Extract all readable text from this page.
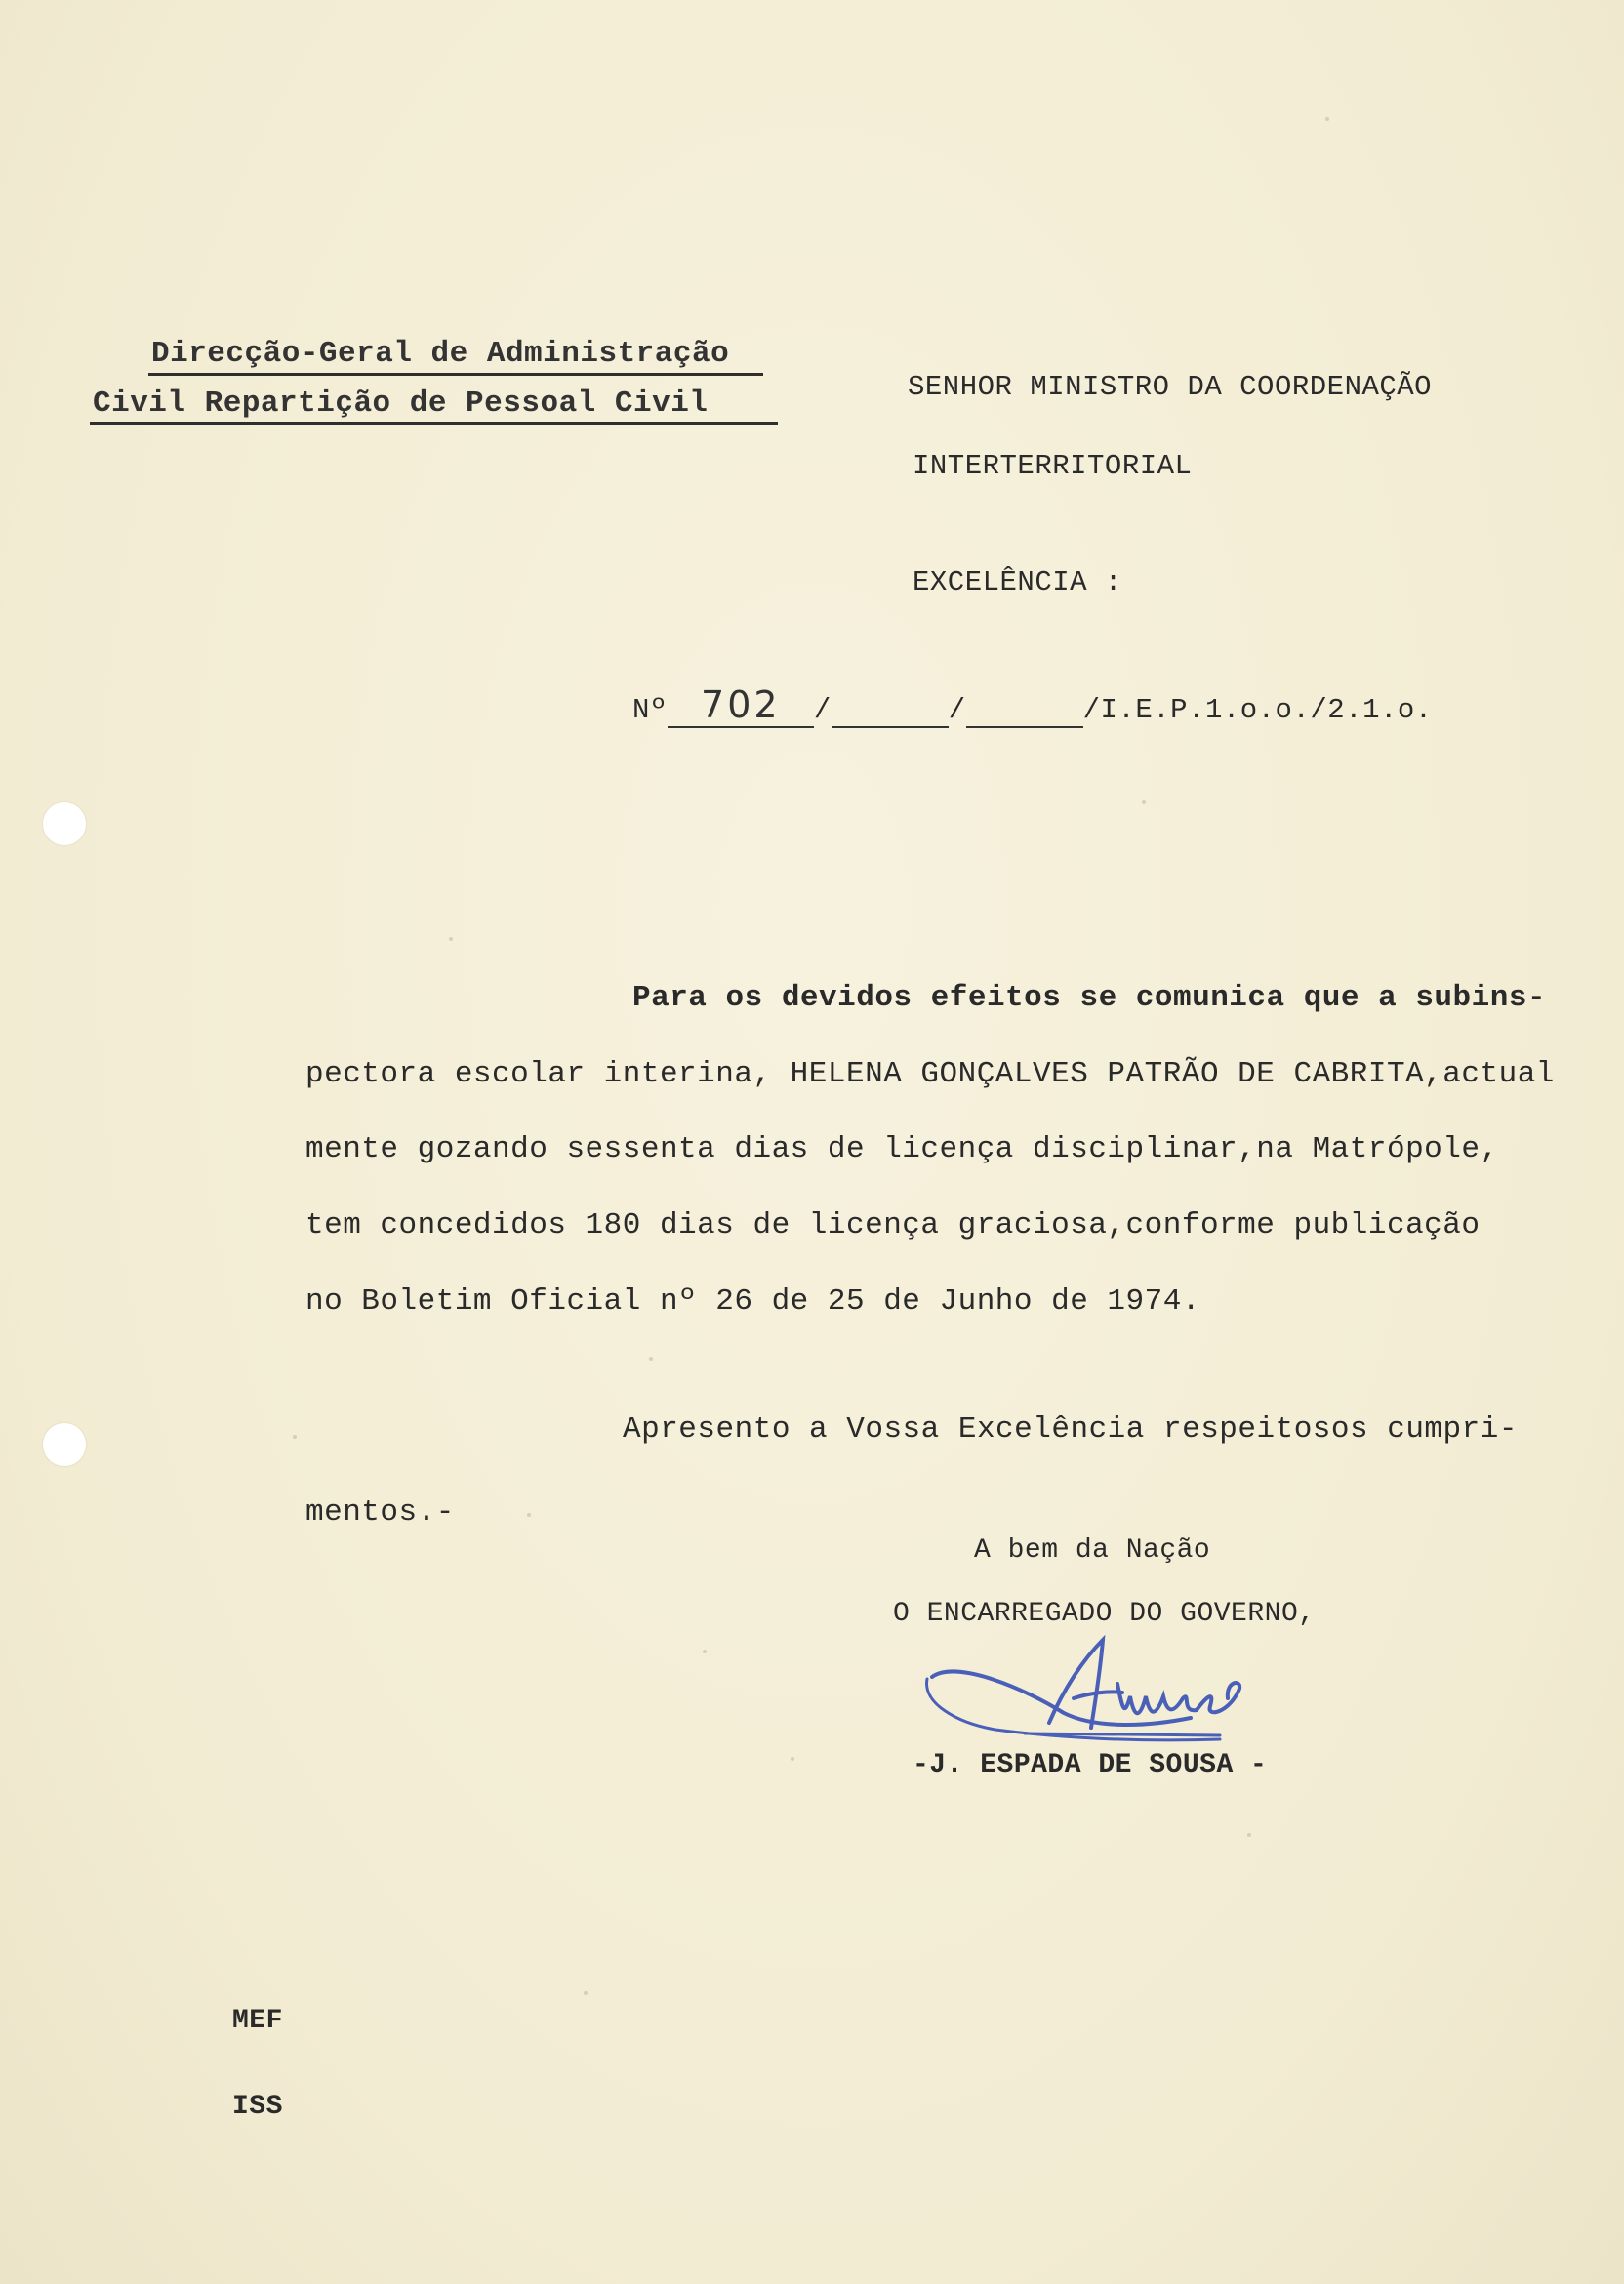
Direcção-Geral de Administração
Civil Repartição de Pessoal Civil	SENHOR MINISTRO DA COORDENAÇÃO
INTERTERRITORIAL
EXCELÊNCIA :
Nº 702 /	/	/I.E.P.1.o.o./2.1.o.
Para os devidos efeitos se comunica que a subins-
pectora escolar interina, HELENA GONÇALVES PATRÃO DE CABRITA,actual
mente gozando sessenta dias de licença disciplinar,na Matrópole,
tem concedidos 180 dias de licença graciosa,conforme publicação
no Boletim Oficial nº 26 de 25 de Junho de 1974.
Apresento a Vossa Excelência respeitosos cumpri-
mentos.-
A bem da Nação
O ENCARREGADO DO GOVERNO,
-J. ESPADA DE SOUSA -
MEF
ISS
